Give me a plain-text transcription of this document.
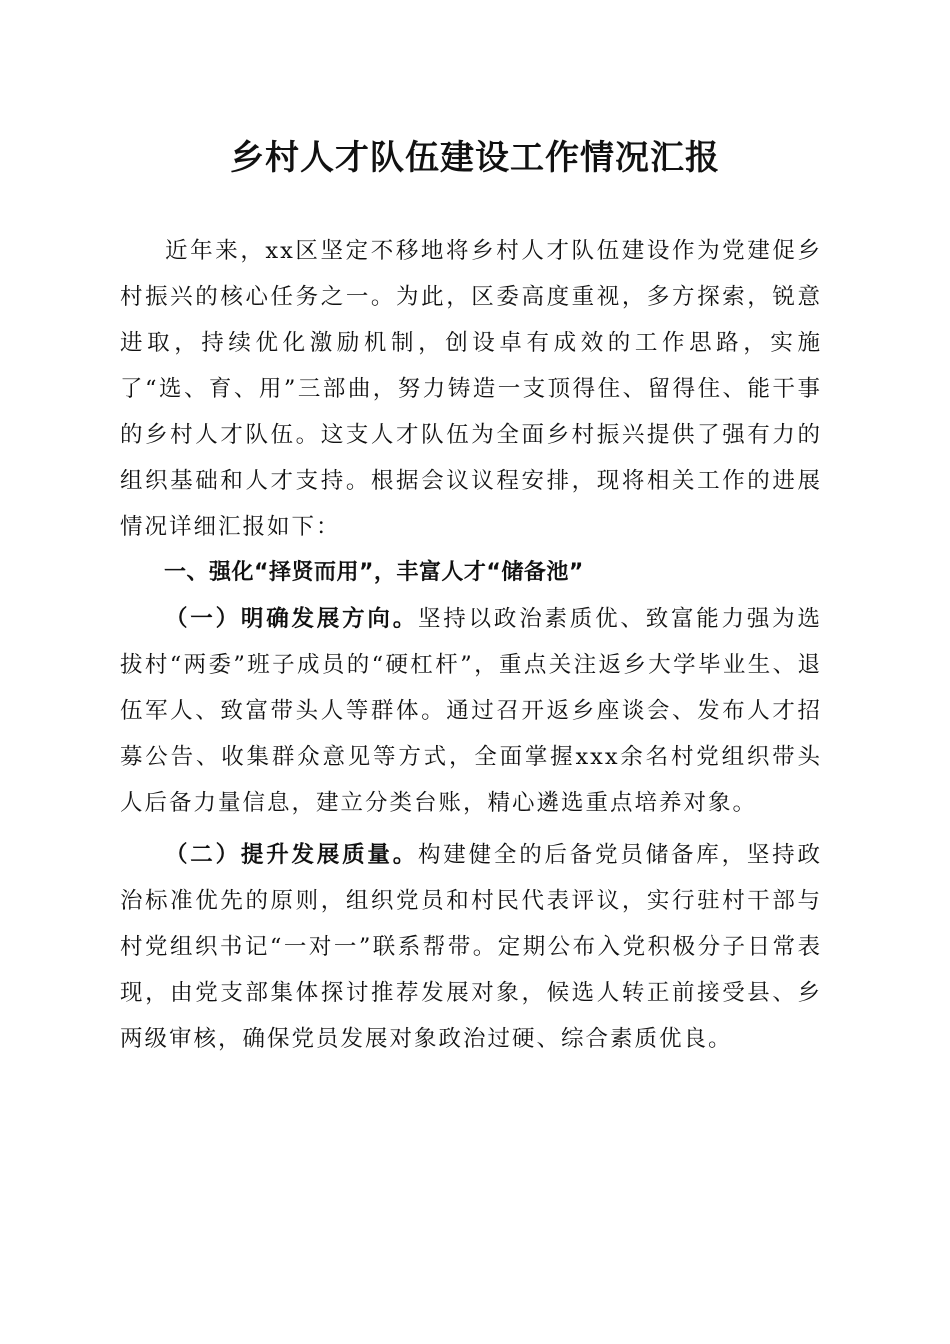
乡村人才队伍建设工作情况汇报

近年来，xx区坚定不移地将乡村人才队伍建设作为党建促乡村振兴的核心任务之一。为此，区委高度重视，多方探索，锐意进取，持续优化激励机制，创设卓有成效的工作思路，实施了“选、育、用”三部曲，努力铸造一支顶得住、留得住、能干事的乡村人才队伍。这支人才队伍为全面乡村振兴提供了强有力的组织基础和人才支持。根据会议议程安排，现将相关工作的进展情况详细汇报如下：

一、强化“择贤而用”，丰富人才“储备池”

（一）明确发展方向。坚持以政治素质优、致富能力强为选拔村“两委”班子成员的“硬杠杆”，重点关注返乡大学毕业生、退伍军人、致富带头人等群体。通过召开返乡座谈会、发布人才招募公告、收集群众意见等方式，全面掌握xxx余名村党组织带头人后备力量信息，建立分类台账，精心遴选重点培养对象。

（二）提升发展质量。构建健全的后备党员储备库，坚持政治标准优先的原则，组织党员和村民代表评议，实行驻村干部与村党组织书记“一对一”联系帮带。定期公布入党积极分子日常表现，由党支部集体探讨推荐发展对象，候选人转正前接受县、乡两级审核，确保党员发展对象政治过硬、综合素质优良。
